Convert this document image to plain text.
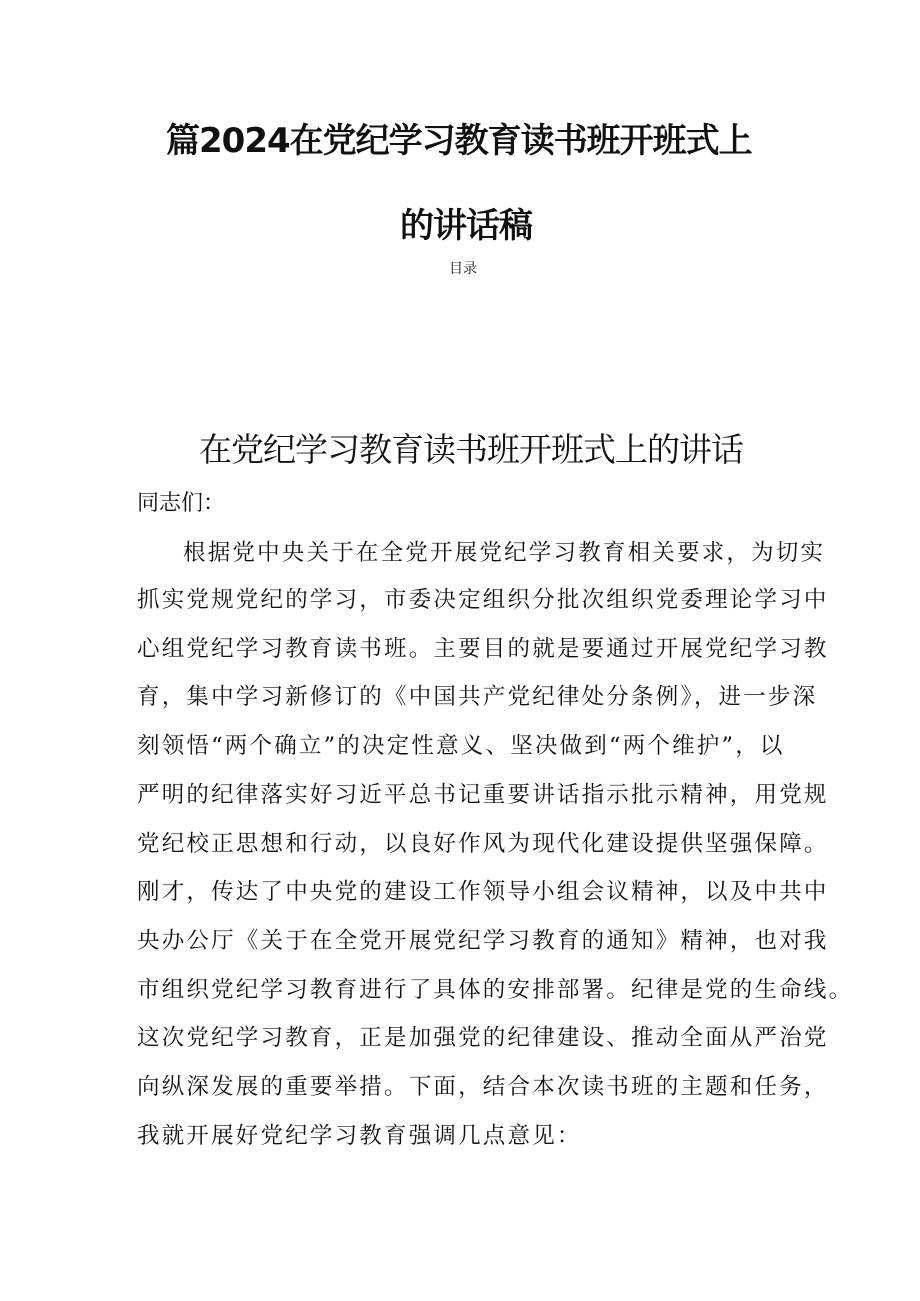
篇2024在党纪学习教育读书班开班式上
的讲话稿
目录
在党纪学习教育读书班开班式上的讲话
同志们：
根据党中央关于在全党开展党纪学习教育相关要求，为切实
抓实党规党纪的学习，市委决定组织分批次组织党委理论学习中
心组党纪学习教育读书班。主要目的就是要通过开展党纪学习教
育，集中学习新修订的《中国共产党纪律处分条例》，进一步深
刻领悟“两个确立”的决定性意义、坚决做到“两个维护”，以
严明的纪律落实好习近平总书记重要讲话指示批示精神，用党规
党纪校正思想和行动，以良好作风为现代化建设提供坚强保障。
刚才，传达了中央党的建设工作领导小组会议精神，以及中共中
央办公厅《关于在全党开展党纪学习教育的通知》精神，也对我
市组织党纪学习教育进行了具体的安排部署。纪律是党的生命线。
这次党纪学习教育，正是加强党的纪律建设、推动全面从严治党
向纵深发展的重要举措。下面，结合本次读书班的主题和任务，
我就开展好党纪学习教育强调几点意见：
